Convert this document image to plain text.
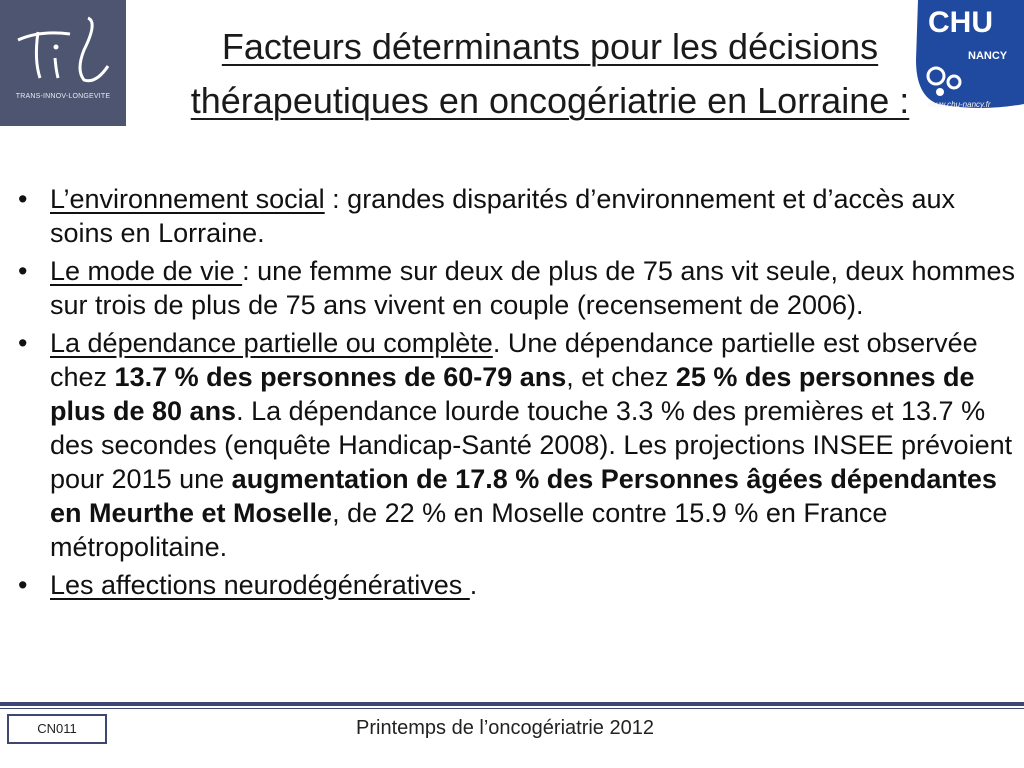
TRANS-INNOV-LONGEVITE
CHU
NANCY
www.chu-nancy.fr
Facteurs déterminants pour les décisions
thérapeutiques en oncogériatrie en Lorraine :
• L’environnement social : grandes disparités d’environnement et d’accès aux soins en Lorraine.
• Le mode de vie : une femme sur deux de plus de 75 ans vit seule, deux hommes sur trois de plus de 75 ans vivent en couple (recensement de 2006).
• La dépendance partielle ou complète. Une dépendance partielle est observée chez 13.7 % des personnes de 60-79 ans, et chez 25 % des personnes de plus de 80 ans. La dépendance lourde touche 3.3 % des premières et 13.7 % des secondes (enquête Handicap-Santé 2008). Les projections INSEE prévoient pour 2015 une augmentation de 17.8 % des Personnes âgées dépendantes en Meurthe et Moselle, de 22 % en Moselle contre 15.9 % en France métropolitaine.
• Les affections neurodégénératives .
CN011	Printemps de l’oncogériatrie 2012
